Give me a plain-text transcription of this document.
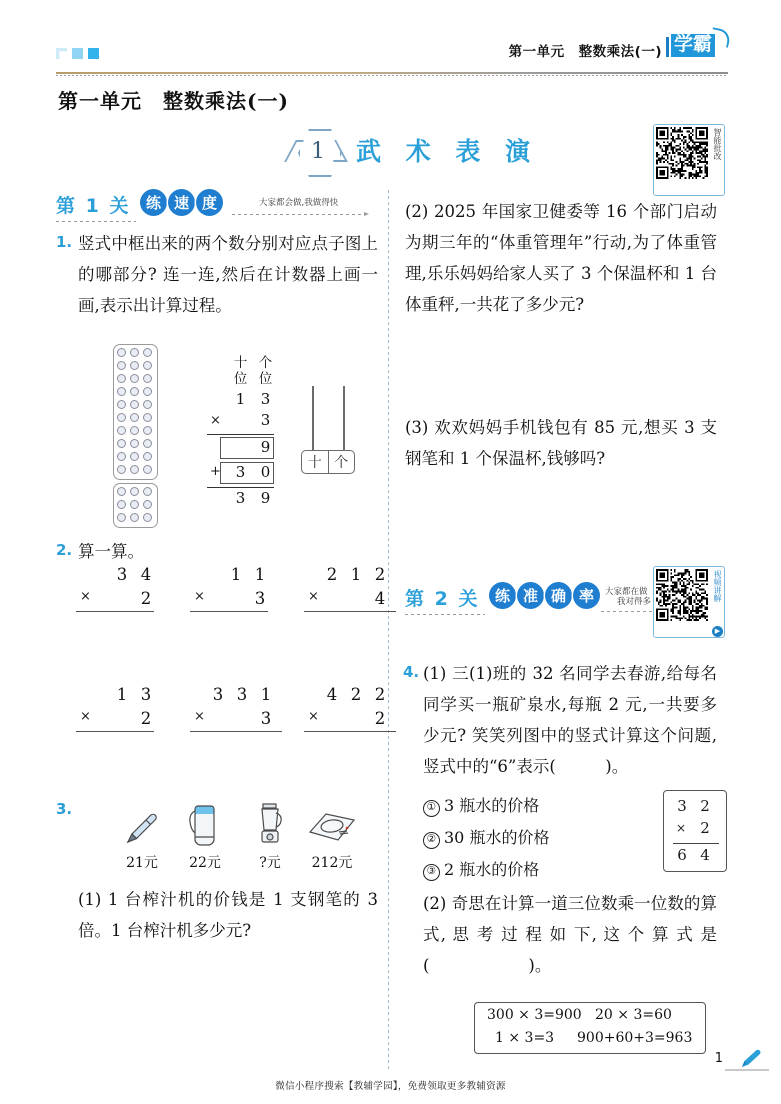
第一单元　整数乘法(一) 学霸
第一单元　整数乘法(一)
1	武 术 表 演	智能批改
第 1 关	练 速 度	大家都会做,我做得快
1. 竖式中框出来的两个数分别对应点子图上的哪部分? 连一连,然后在计数器上画一画,表示出计算过程。
十
位
个
位
1 3
×	3
9
+ 3 0
3 9
十 个
2. 算一算。
3 4
×	2
1 1
×	3
2 1 2
×	4
1 3
×	2
3 3 1
×	3
4 2 2
×	2
3.
21元	22元	?元	212元
(1) 1 台榨汁机的价钱是 1 支钢笔的 3 倍。1 台榨汁机多少元?
(2) 2025 年国家卫健委等 16 个部门启动为期三年的“体重管理年”行动,为了体重管理,乐乐妈妈给家人买了 3 个保温杯和 1 台体重秤,一共花了多少元?
(3) 欢欢妈妈手机钱包有 85 元,想买 3 支钢笔和 1 个保温杯,钱够吗?
第 2 关	练 准 确 率	大家都在做
我对得多	视频讲解
▶
4. (1) 三(1)班的 32 名同学去春游,给每名同学买一瓶矿泉水,每瓶 2 元,一共要多少元? 笑笑列图中的竖式计算这个问题,竖式中的“6”表示(　　　)。
① 3 瓶水的价格
② 30 瓶水的价格
③ 2 瓶水的价格
3 2
× 2
6 4
(2) 奇思在计算一道三位数乘一位数的算式, 思 考 过 程 如 下, 这 个 算 式 是(　　　　　　)。
300 × 3=900 20 × 3=60
1 × 3=3 900+60+3=963
1
微信小程序搜索【教辅学园】，免费领取更多教辅资源
